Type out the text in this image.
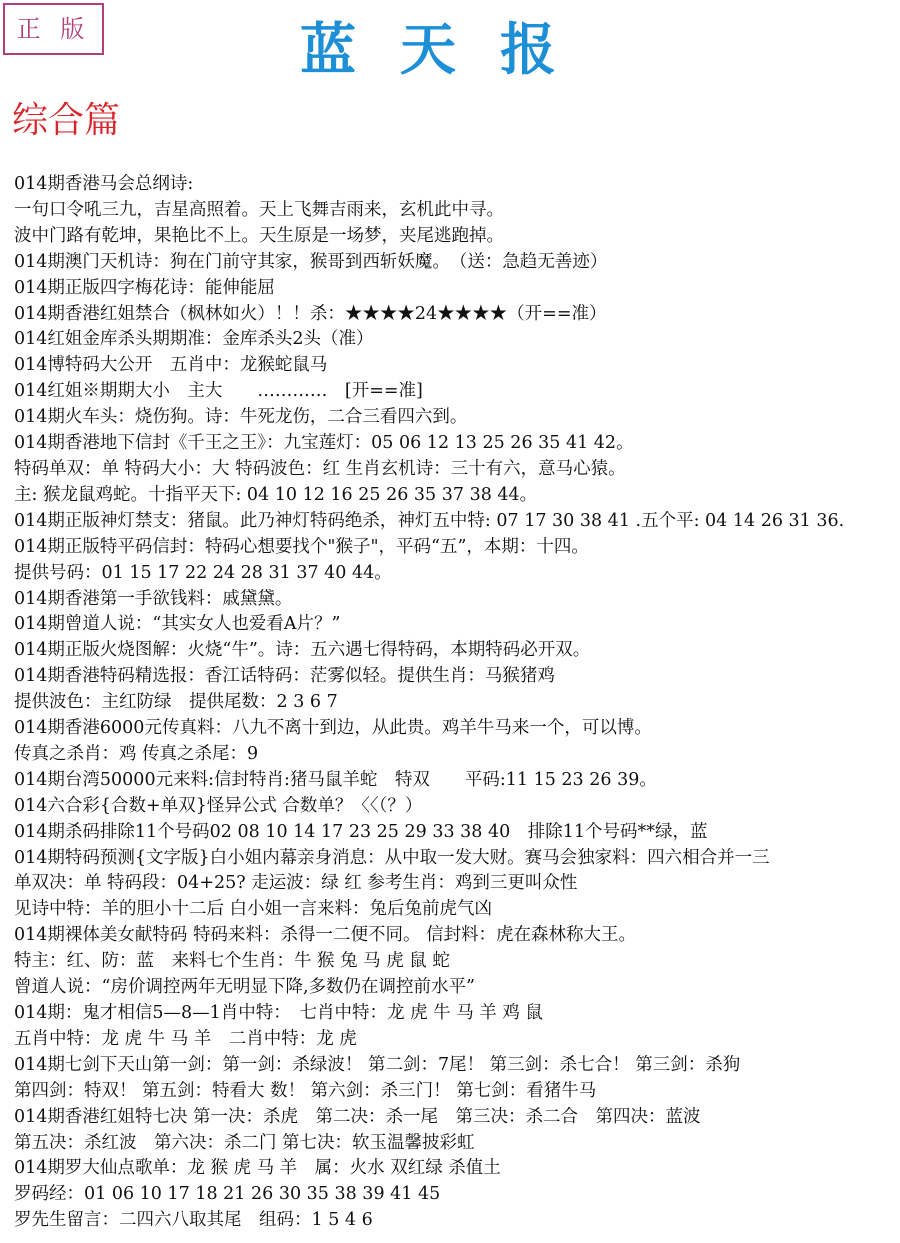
正 版	蓝天报
综合篇
014期香港马会总纲诗:
一句口令吼三九，吉星高照着。天上飞舞吉雨来，玄机此中寻。
波中门路有乾坤，果艳比不上。天生原是一场梦，夹尾逃跑掉。
014期澳门天机诗：狗在门前守其家，猴哥到西斩妖魔。　（送：急趋无善迹）
014期正版四字梅花诗：能伸能屈
014期香港红姐禁合（枫林如火）！！杀：★★★★24★★★★（开==准）
014红姐金库杀头期期准：金库杀头2头（准）
014博特码大公开　五肖中：龙猴蛇鼠马
014红姐※期期大小　主大　　…………　[开==准]
014期火车头：烧伤狗。诗：牛死龙伤，二合三看四六到。
014期香港地下信封《千王之王》：九宝莲灯：05 06 12 13 25 26 35 41 42。
特码单双：单 特码大小：大 特码波色：红 生肖玄机诗：三十有六，意马心猿。
主: 猴龙鼠鸡蛇。十指平天下: 04 10 12 16 25 26 35 37 38 44。
014期正版神灯禁支：猪鼠。此乃神灯特码绝杀，神灯五中特: 07 17 30 38 41 .五个平: 04 14 26 31 36.
014期正版特平码信封：特码心想要找个"猴子"，平码“五”，本期：十四。
提供号码：01 15 17 22 24 28 31 37 40 44。
014期香港第一手欲钱料：戚黛黛。
014期曾道人说：“其实女人也爱看A片？”
014期正版火烧图解：火烧“牛”。诗：五六遇七得特码，本期特码必开双。
014期香港特码精选报：香江话特码：茫雾似轻。提供生肖：马猴猪鸡
提供波色：主红防绿　提供尾数：2 3 6 7
014期香港6000元传真料：八九不离十到边，从此贵。鸡羊牛马来一个，可以博。
传真之杀肖：鸡 传真之杀尾：9
014期台湾50000元来料:信封特肖:猪马鼠羊蛇　特双　　平码:11 15 23 26 39。
014六合彩{合数+单双}怪异公式 合数单？〈〈（？）
014期杀码排除11个号码02 08 10 14 17 23 25 29 33 38 40　排除11个号码**绿，蓝
014期特码预测{文字版}白小姐内幕亲身消息：从中取一发大财。赛马会独家料：四六相合并一三
单双决：单 特码段：04+25? 走运波：绿 红 参考生肖：鸡到三更叫众性
见诗中特：羊的胆小十二后 白小姐一言来料：兔后兔前虎气凶
014期裸体美女献特码 特码来料：杀得一二便不同。 信封料：虎在森林称大王。
特主：红、防：蓝　来料七个生肖：牛 猴 兔 马 虎 鼠 蛇
曾道人说：“房价调控两年无明显下降,多数仍在调控前水平”
014期：鬼才相信5—8—1肖中特：　七肖中特：龙 虎 牛 马 羊 鸡 鼠
五肖中特：龙 虎 牛 马 羊　二肖中特：龙 虎
014期七剑下天山第一剑：第一剑：杀绿波！ 第二剑：7尾！ 第三剑：杀七合！ 第三剑：杀狗
第四剑：特双！ 第五剑：特看大 数！ 第六剑：杀三门！ 第七剑：看猪牛马
014期香港红姐特七决 第一决：杀虎　第二决：杀一尾　第三决：杀二合　第四决：蓝波
第五决：杀红波　第六决：杀二门 第七决：软玉温馨披彩虹
014期罗大仙点歌单：龙 猴 虎 马 羊　属：火水 双红绿 杀值土
罗码经：01 06 10 17 18 21 26 30 35 38 39 41 45
罗先生留言：二四六八取其尾　组码：1 5 4 6
